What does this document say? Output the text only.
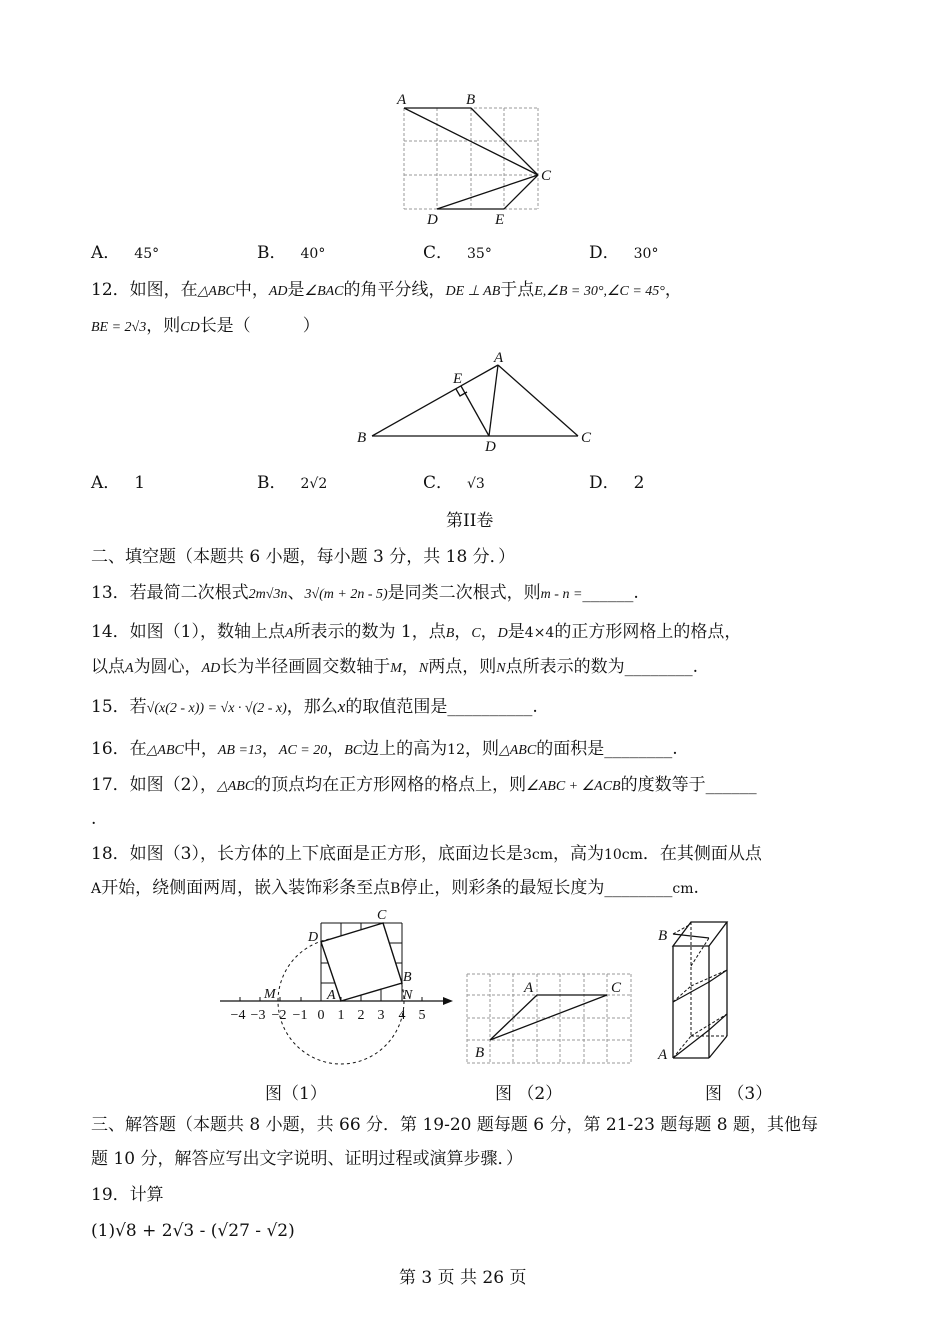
A	B
C
D	E
A． 45°	B． 40°	C． 35°	D． 30°
12．如图，在△ABC中，AD是∠BAC的角平分线，DE ⊥ AB于点E,∠B = 30°,∠C = 45°，
BE = 2√3，则CD长是（	）
A
E
B
D
C
A． 1	B． 2√2	C． √3	D． 2
第II卷
二、填空题（本题共 6 小题，每小题 3 分，共 18 分．）
13．若最简二次根式2m√3n、3√(m + 2n - 5)是同类二次根式，则m - n =______.
14．如图（1），数轴上点A所表示的数为 1，点B，C，D是4×4的正方形网格上的格点，
以点A为圆心，AD长为半径画圆交数轴于M，N两点，则N点所表示的数为________.
15．若√(x(2 - x)) = √x · √(2 - x)，那么x的取值范围是__________.
16．在△ABC中，AB =13，AC = 20，BC边上的高为12，则△ABC的面积是________.
17．如图（2），△ABC的顶点均在正方形网格的格点上，则∠ABC + ∠ACB的度数等于______
.
18．如图（3），长方体的上下底面是正方形，底面边长是3cm，高为10cm．在其侧面从点
A开始，绕侧面两周，嵌入装饰彩条至点B停止，则彩条的最短长度为________cm.
−4 −3 −2 −1 0 1 2 3 4 5
M	A	N
B
C
D
图（1）
A	C
B
图 （2）
B
A
图 （3）
三、解答题（本题共 8 小题，共 66 分．第 19-20 题每题 6 分，第 21-23 题每题 8 题，其他每
题 10 分，解答应写出文字说明、证明过程或演算步骤．）
19．计算
(1)√8 + 2√3 - (√27 - √2)
第 3 页 共 26 页
